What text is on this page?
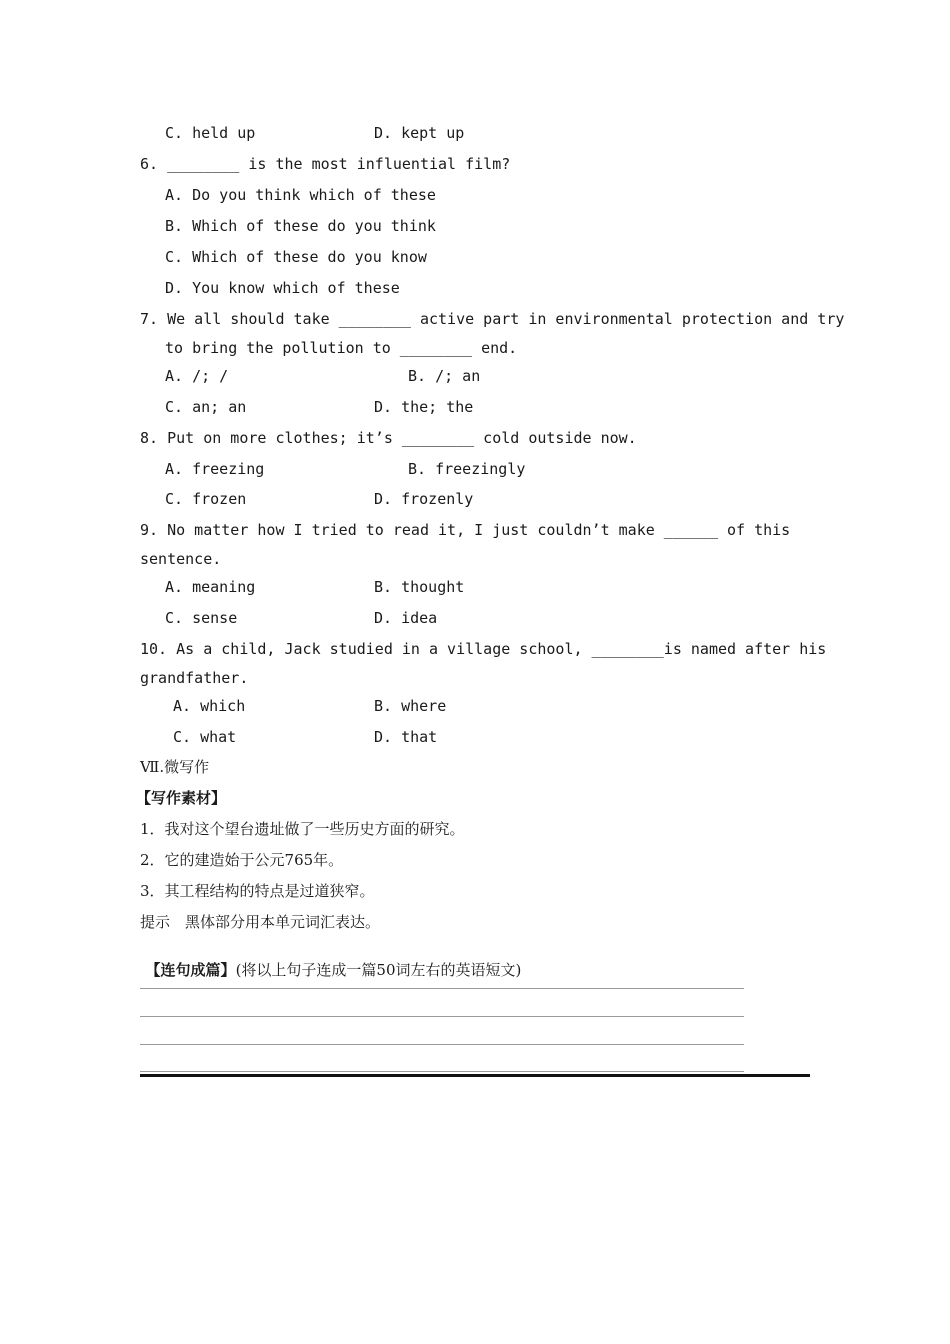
C. held up	D. kept up
6. ________ is the most influential film?
A. Do you think which of these
B. Which of these do you think
C. Which of these do you know
D. You know which of these
7. We all should take ________ active part in environmental protection and try
to bring the pollution to ________ end.
A. /; /	B. /; an
C. an; an	D. the; the
8. Put on more clothes; it’s ________ cold outside now.
A. freezing	B. freezingly
C. frozen	D. frozenly
9. No matter how I tried to read it, I just couldn’t make ______ of this
sentence.
A. meaning	B. thought
C. sense	D. idea
10. As a child, Jack studied in a village school, ________is named after his
grandfather.
A. which	B. where
C. what	D. that
Ⅶ.微写作
【写作素材】
1．我对这个望台遗址做了一些历史方面的研究。
2．它的建造始于公元765年。
3．其工程结构的特点是过道狭窄。
提示　黑体部分用本单元词汇表达。

【连句成篇】(将以上句子连成一篇50词左右的英语短文)
